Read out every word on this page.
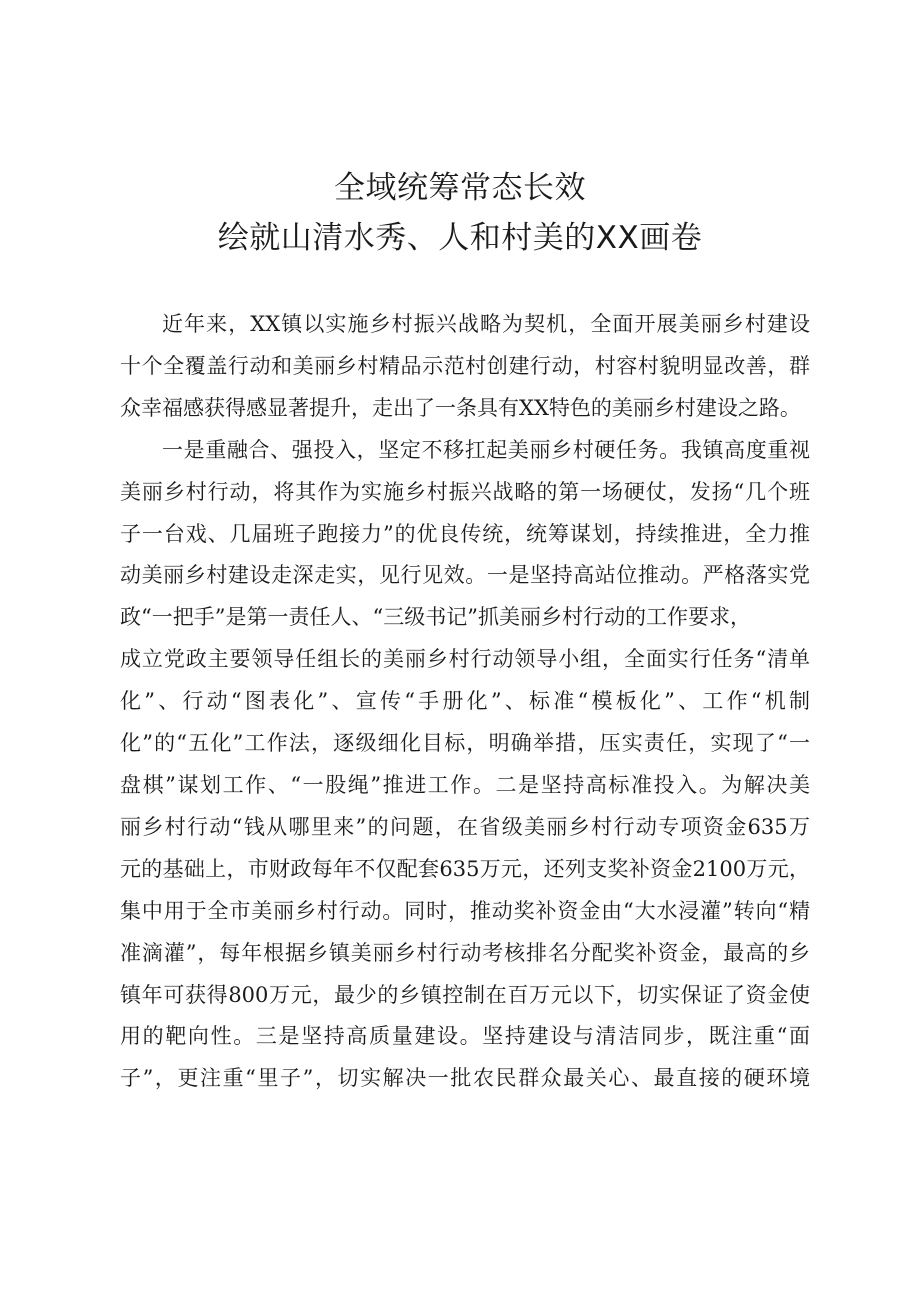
全域统筹常态长效
绘就山清水秀、人和村美的XX画卷
近年来，XX镇以实施乡村振兴战略为契机，全面开展美丽乡村建设
十个全覆盖行动和美丽乡村精品示范村创建行动，村容村貌明显改善，群
众幸福感获得感显著提升，走出了一条具有XX特色的美丽乡村建设之路。
一是重融合、强投入，坚定不移扛起美丽乡村硬任务。我镇高度重视
美丽乡村行动，将其作为实施乡村振兴战略的第一场硬仗，发扬“几个班
子一台戏、几届班子跑接力”的优良传统，统筹谋划，持续推进，全力推
动美丽乡村建设走深走实，见行见效。一是坚持高站位推动。严格落实党
政“一把手”是第一责任人、“三级书记”抓美丽乡村行动的工作要求，
成立党政主要领导任组长的美丽乡村行动领导小组，全面实行任务“清单
化”、行动“图表化”、宣传“手册化”、标准“模板化”、工作“机制
化”的“五化”工作法，逐级细化目标，明确举措，压实责任，实现了“一
盘棋”谋划工作、“一股绳”推进工作。二是坚持高标准投入。为解决美
丽乡村行动“钱从哪里来”的问题，在省级美丽乡村行动专项资金635万
元的基础上，市财政每年不仅配套635万元，还列支奖补资金2100万元，
集中用于全市美丽乡村行动。同时，推动奖补资金由“大水浸灌”转向“精
准滴灌”，每年根据乡镇美丽乡村行动考核排名分配奖补资金，最高的乡
镇年可获得800万元，最少的乡镇控制在百万元以下，切实保证了资金使
用的靶向性。三是坚持高质量建设。坚持建设与清洁同步，既注重“面
子”，更注重“里子”，切实解决一批农民群众最关心、最直接的硬环境
